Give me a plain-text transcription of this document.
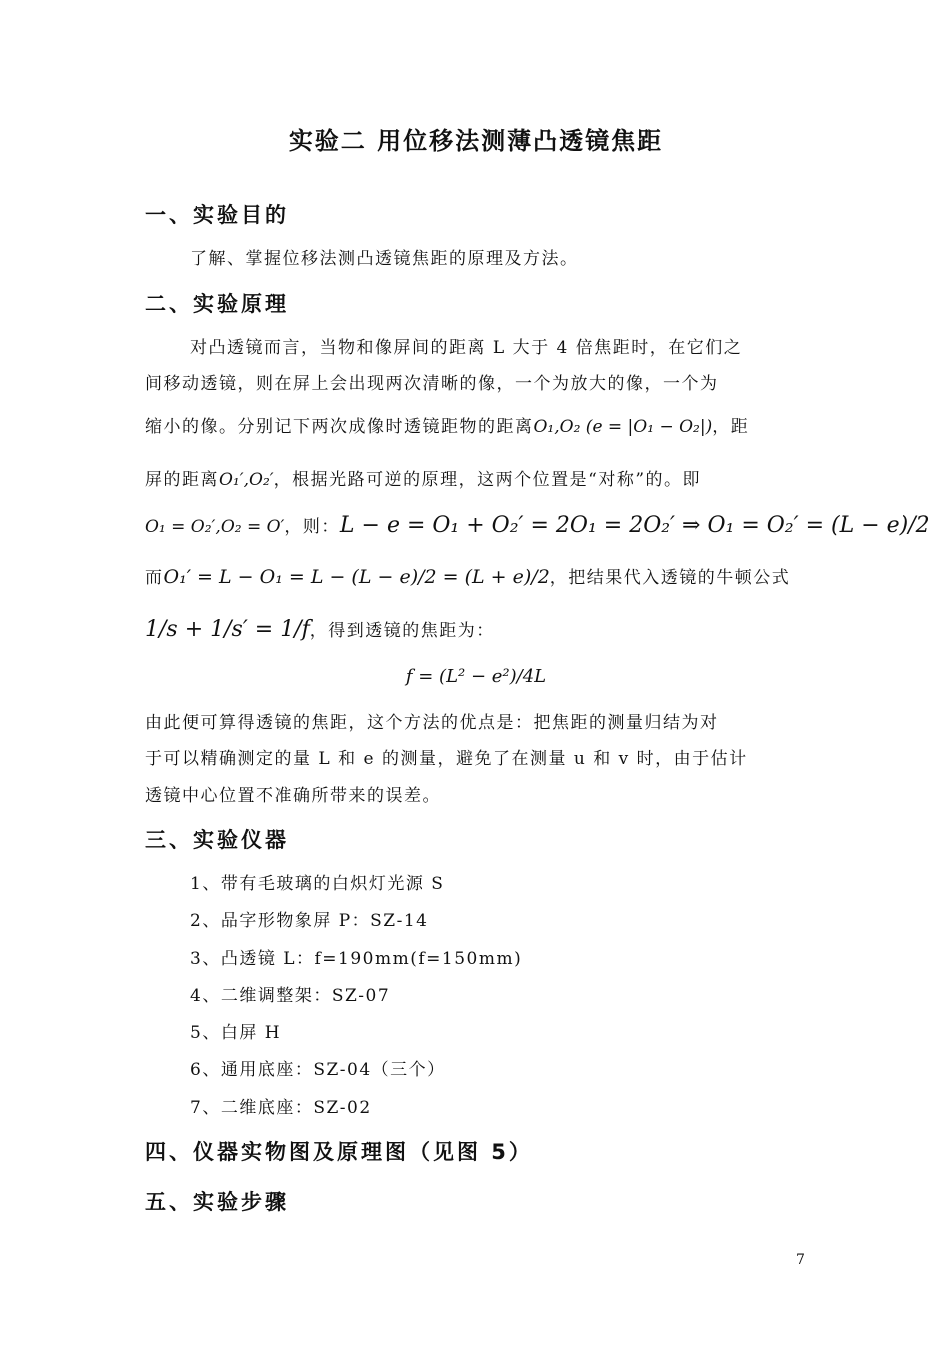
实验二 用位移法测薄凸透镜焦距
一、实验目的
了解、掌握位移法测凸透镜焦距的原理及方法。
二、实验原理
对凸透镜而言，当物和像屏间的距离 L 大于 4 倍焦距时，在它们之
间移动透镜，则在屏上会出现两次清晰的像，一个为放大的像，一个为
缩小的像。分别记下两次成像时透镜距物的距离O₁,O₂ (e = |O₁ − O₂|)，距
屏的距离O₁′,O₂′，根据光路可逆的原理，这两个位置是“对称”的。即
O₁ = O₂′,O₂ = O′，则：L − e = O₁ + O₂′ = 2O₁ = 2O₂′ ⇒ O₁ = O₂′ = (L − e)/2
而O₁′ = L − O₁ = L − (L − e)/2 = (L + e)/2，把结果代入透镜的牛顿公式
1/s + 1/s′ = 1/f，得到透镜的焦距为：
f = (L² − e²)/4L
由此便可算得透镜的焦距，这个方法的优点是：把焦距的测量归结为对
于可以精确测定的量 L 和 e 的测量，避免了在测量 u 和 v 时，由于估计
透镜中心位置不准确所带来的误差。
三、实验仪器
1、带有毛玻璃的白炽灯光源 S
2、品字形物象屏 P：SZ-14
3、凸透镜 L：f=190mm(f=150mm)
4、二维调整架：SZ-07
5、白屏 H
6、通用底座：SZ-04（三个）
7、二维底座：SZ-02
四、仪器实物图及原理图（见图 5）
五、实验步骤
7
